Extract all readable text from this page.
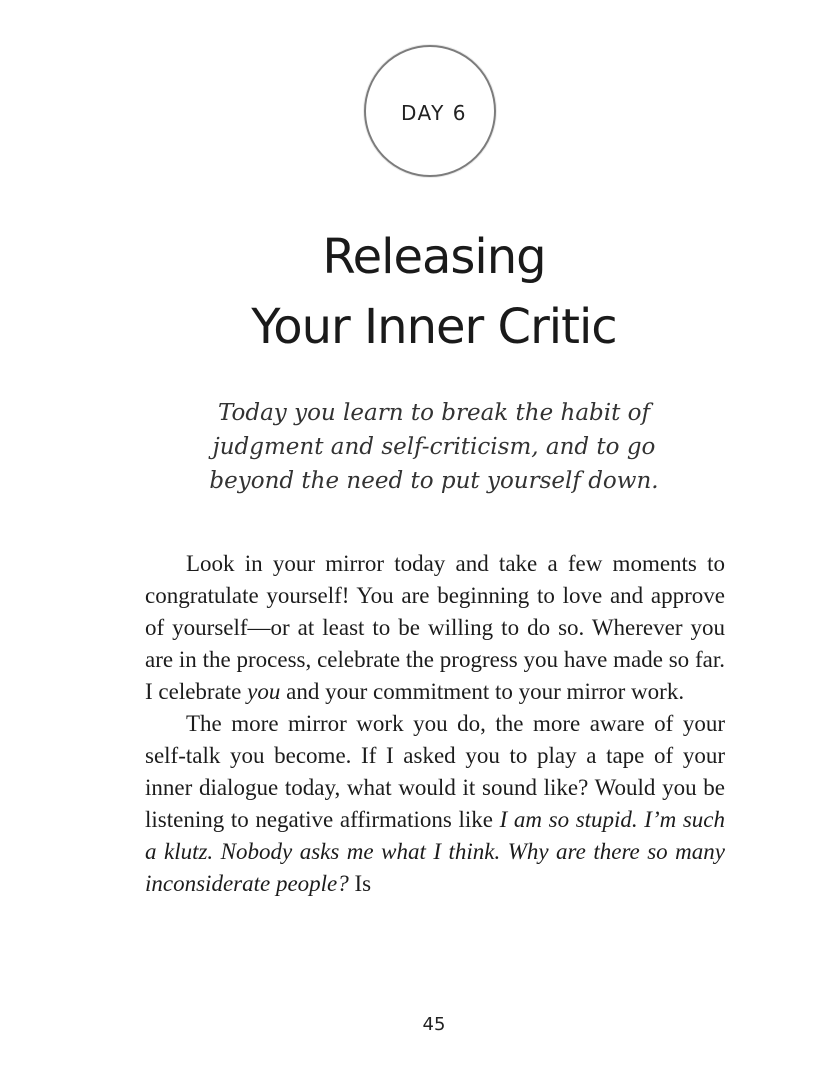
DAY 6
Releasing
Your Inner Critic
Today you learn to break the habit of
judgment and self-criticism, and to go
beyond the need to put yourself down.

Look in your mirror today and take a few moments to congratulate yourself! You are beginning to love and approve of yourself—or at least to be willing to do so. Wherever you are in the process, celebrate the progress you have made so far. I celebrate you and your commitment to your mirror work.

The more mirror work you do, the more aware of your self-talk you become. If I asked you to play a tape of your inner dialogue today, what would it sound like? Would you be listening to negative affirmations like I am so stupid. I’m such a klutz. Nobody asks me what I think. Why are there so many inconsiderate people? Is

45
